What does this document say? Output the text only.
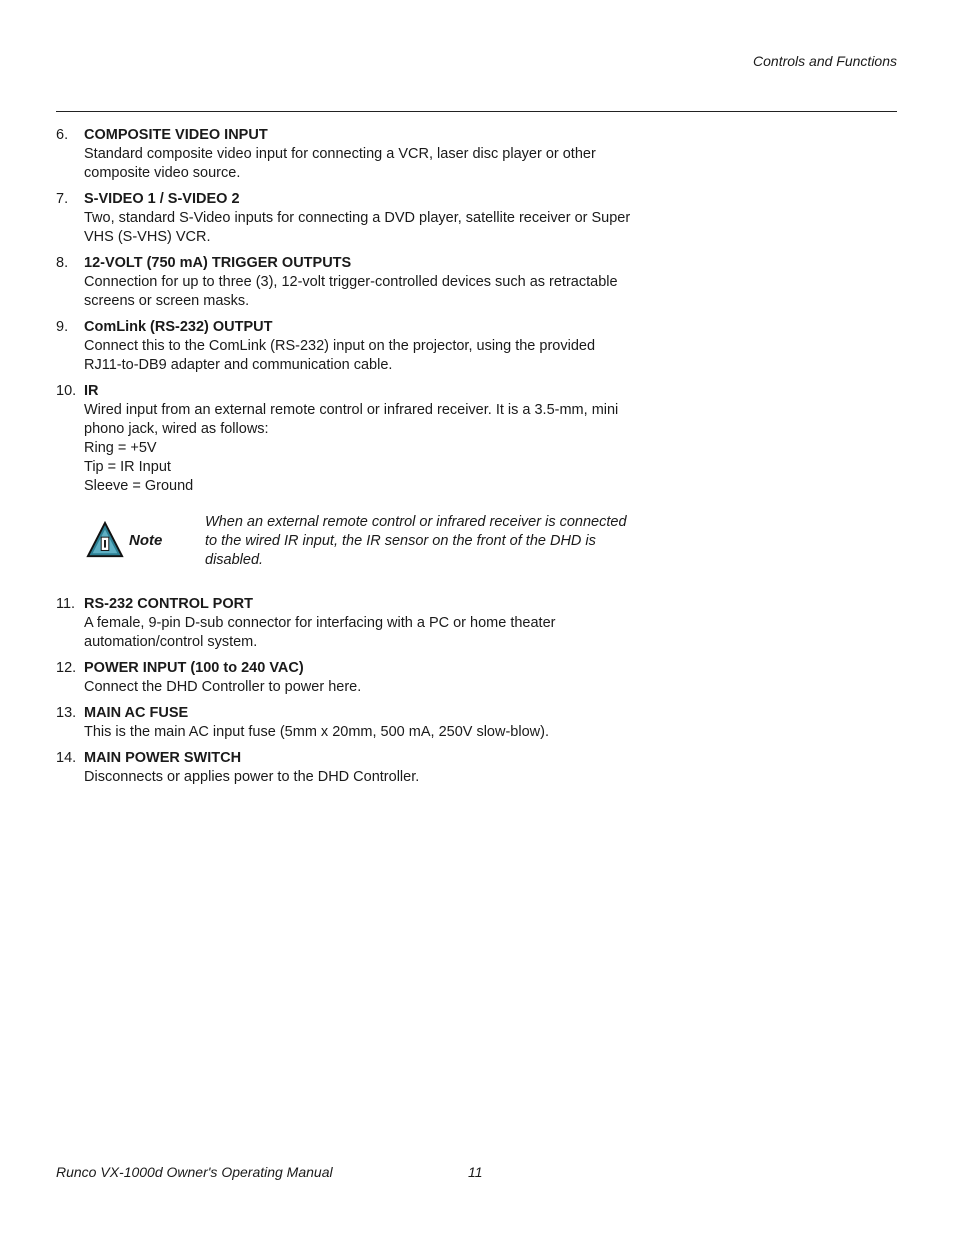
Controls and Functions
6. COMPOSITE VIDEO INPUT
Standard composite video input for connecting a VCR, laser disc player or other
composite video source.
7. S-VIDEO 1 / S-VIDEO 2
Two, standard S-Video inputs for connecting a DVD player, satellite receiver or Super
VHS (S-VHS) VCR.
8. 12-VOLT (750 mA) TRIGGER OUTPUTS
Connection for up to three (3), 12-volt trigger-controlled devices such as retractable
screens or screen masks.
9. ComLink (RS-232) OUTPUT
Connect this to the ComLink (RS-232) input on the projector, using the provided
RJ11-to-DB9 adapter and communication cable.
10. IR
Wired input from an external remote control or infrared receiver. It is a 3.5-mm, mini
phono jack, wired as follows:
Ring = +5V
Tip = IR Input
Sleeve = Ground
Note
When an external remote control or infrared receiver is connected
to the wired IR input, the IR sensor on the front of the DHD is
disabled.
11. RS-232 CONTROL PORT
A female, 9-pin D-sub connector for interfacing with a PC or home theater
automation/control system.
12. POWER INPUT (100 to 240 VAC)
Connect the DHD Controller to power here.
13. MAIN AC FUSE
This is the main AC input fuse (5mm x 20mm, 500 mA, 250V slow-blow).
14. MAIN POWER SWITCH
Disconnects or applies power to the DHD Controller.
Runco VX-1000d Owner's Operating Manual	11
